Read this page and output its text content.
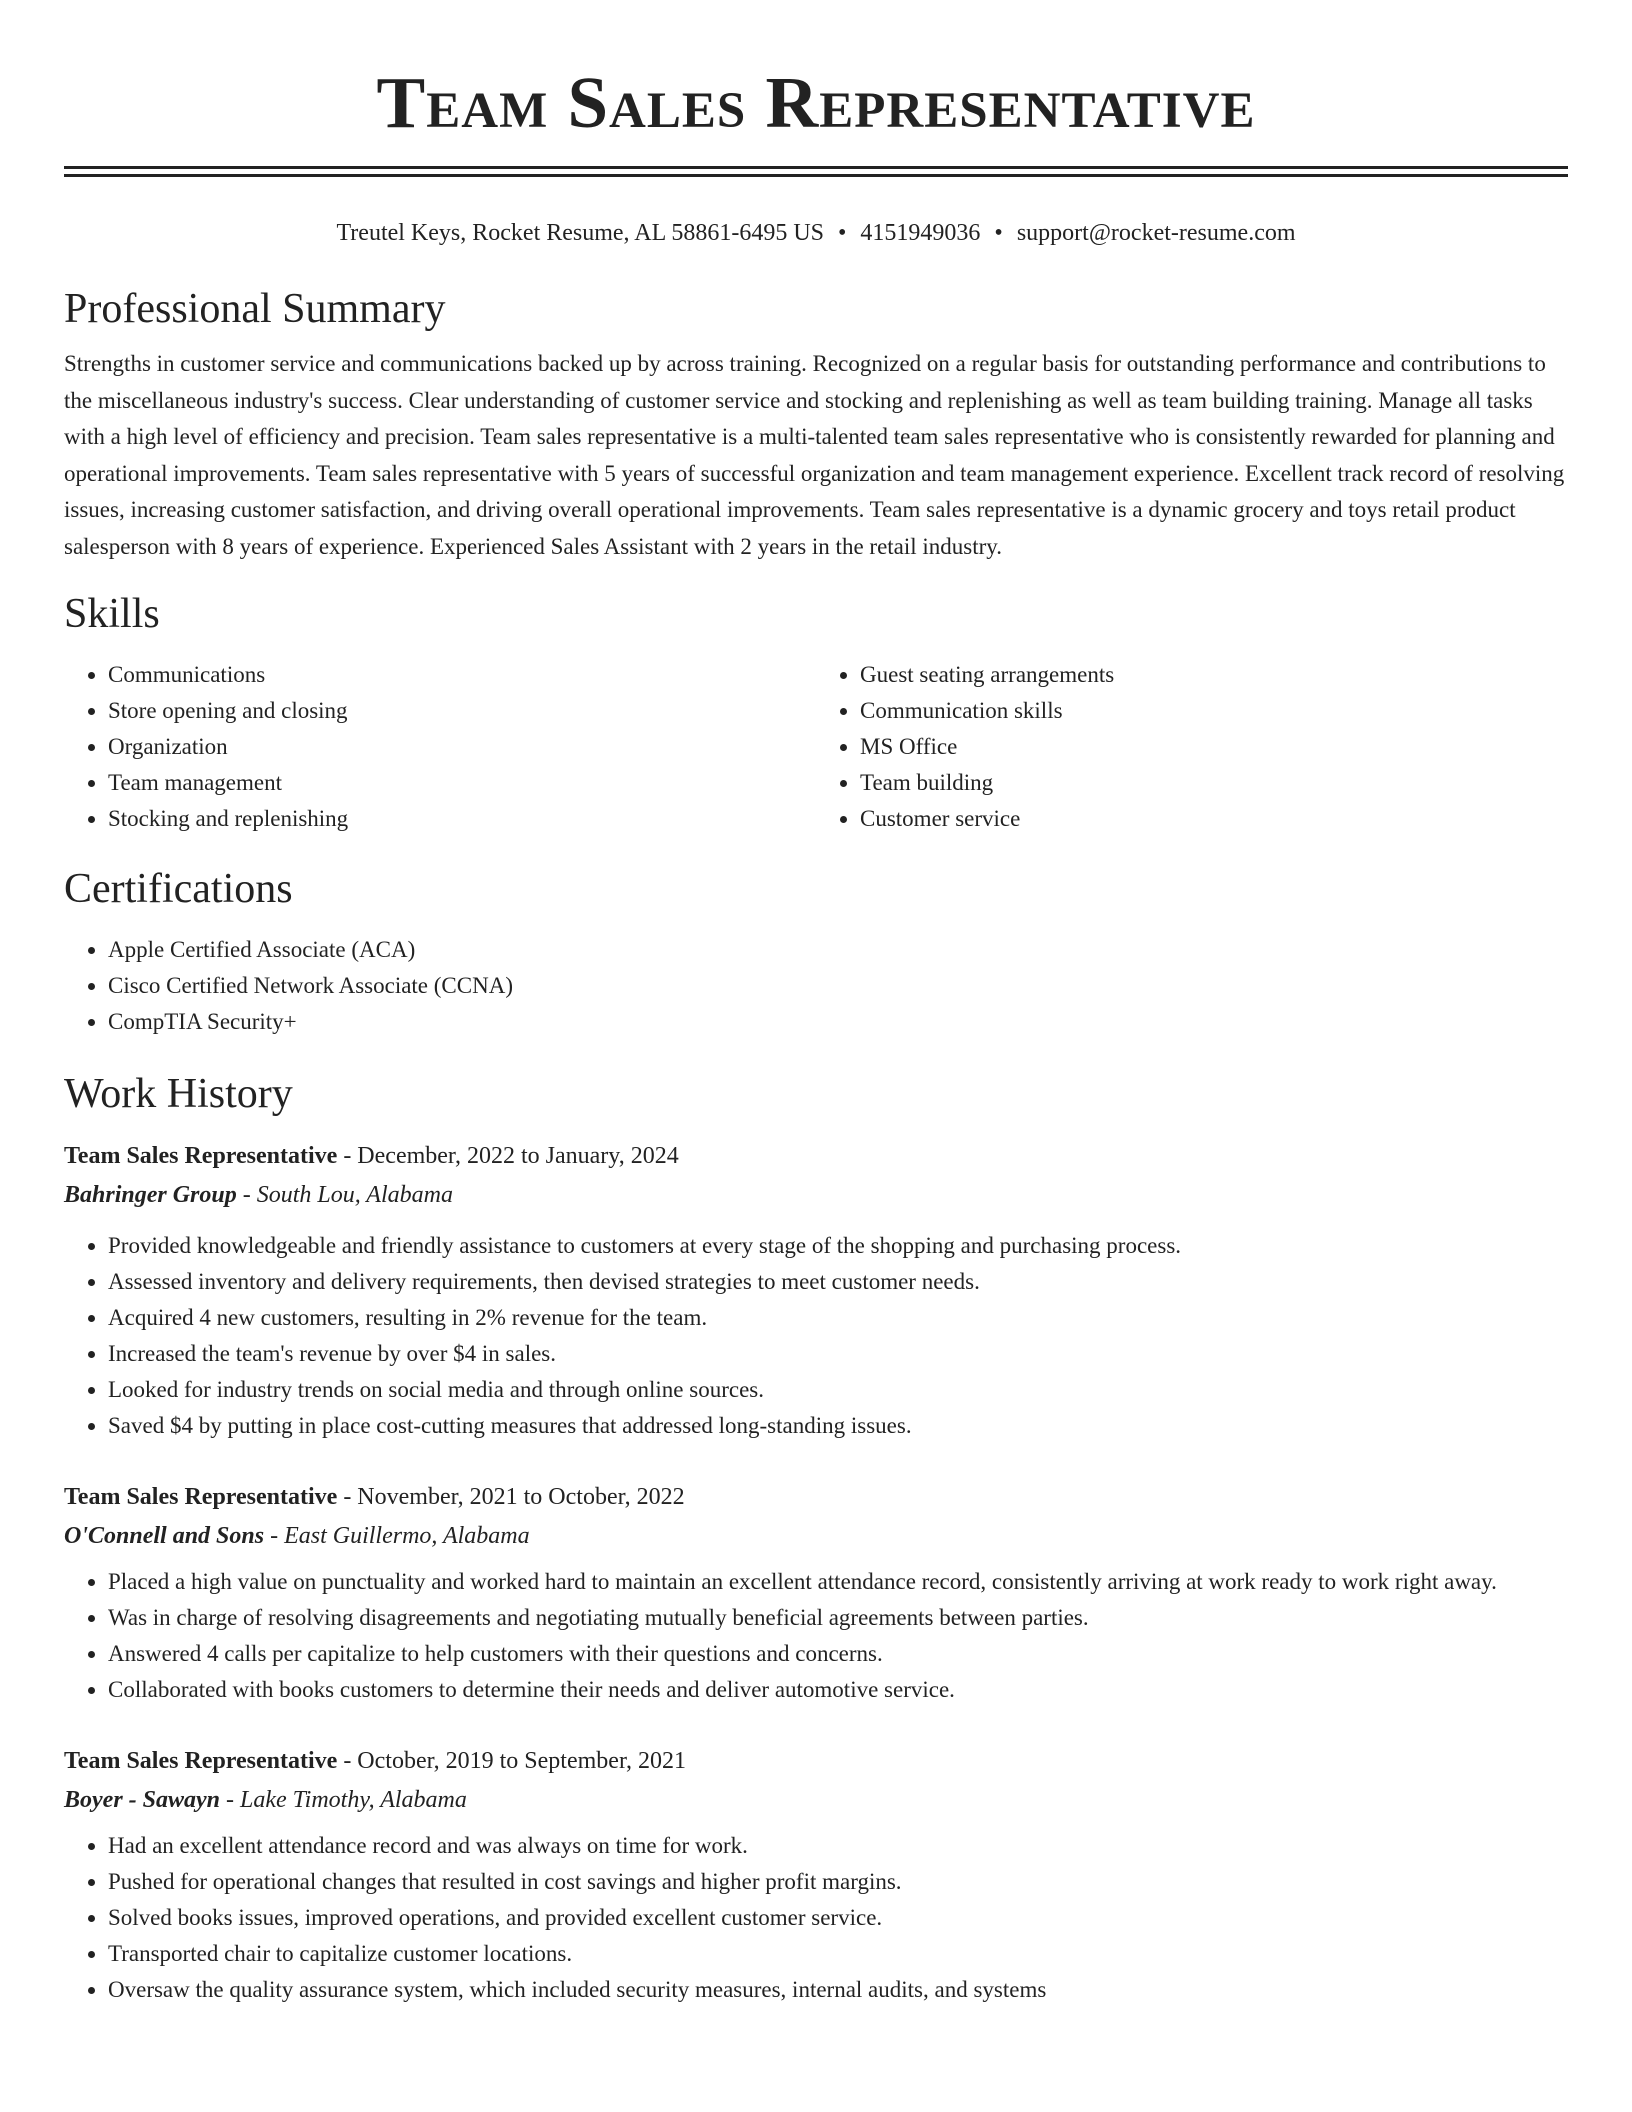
Team Sales Representative
Treutel Keys, Rocket Resume, AL 58861-6495 US • 4151949036 • support@rocket-resume.com
Professional Summary

Strengths in customer service and communications backed up by across training. Recognized on a regular basis for outstanding performance and contributions to the miscellaneous industry's success. Clear understanding of customer service and stocking and replenishing as well as team building training. Manage all tasks with a high level of efficiency and precision. Team sales representative is a multi-talented team sales representative who is consistently rewarded for planning and operational improvements. Team sales representative with 5 years of successful organization and team management experience. Excellent track record of resolving issues, increasing customer satisfaction, and driving overall operational improvements. Team sales representative is a dynamic grocery and toys retail product salesperson with 8 years of experience. Experienced Sales Assistant with 2 years in the retail industry.

Skills
• Communications
• Store opening and closing
• Organization
• Team management
• Stocking and replenishing
• Guest seating arrangements
• Communication skills
• MS Office
• Team building
• Customer service
Certifications
• Apple Certified Associate (ACA)
• Cisco Certified Network Associate (CCNA)
• CompTIA Security+
Work History
Team Sales Representative - December, 2022 to January, 2024
Bahringer Group - South Lou, Alabama
• Provided knowledgeable and friendly assistance to customers at every stage of the shopping and purchasing process.
• Assessed inventory and delivery requirements, then devised strategies to meet customer needs.
• Acquired 4 new customers, resulting in 2% revenue for the team.
• Increased the team's revenue by over $4 in sales.
• Looked for industry trends on social media and through online sources.
• Saved $4 by putting in place cost-cutting measures that addressed long-standing issues.
Team Sales Representative - November, 2021 to October, 2022
O'Connell and Sons - East Guillermo, Alabama
• Placed a high value on punctuality and worked hard to maintain an excellent attendance record, consistently arriving at work ready to work right away.
• Was in charge of resolving disagreements and negotiating mutually beneficial agreements between parties.
• Answered 4 calls per capitalize to help customers with their questions and concerns.
• Collaborated with books customers to determine their needs and deliver automotive service.
Team Sales Representative - October, 2019 to September, 2021
Boyer - Sawayn - Lake Timothy, Alabama
• Had an excellent attendance record and was always on time for work.
• Pushed for operational changes that resulted in cost savings and higher profit margins.
• Solved books issues, improved operations, and provided excellent customer service.
• Transported chair to capitalize customer locations.
• Oversaw the quality assurance system, which included security measures, internal audits, and systems
